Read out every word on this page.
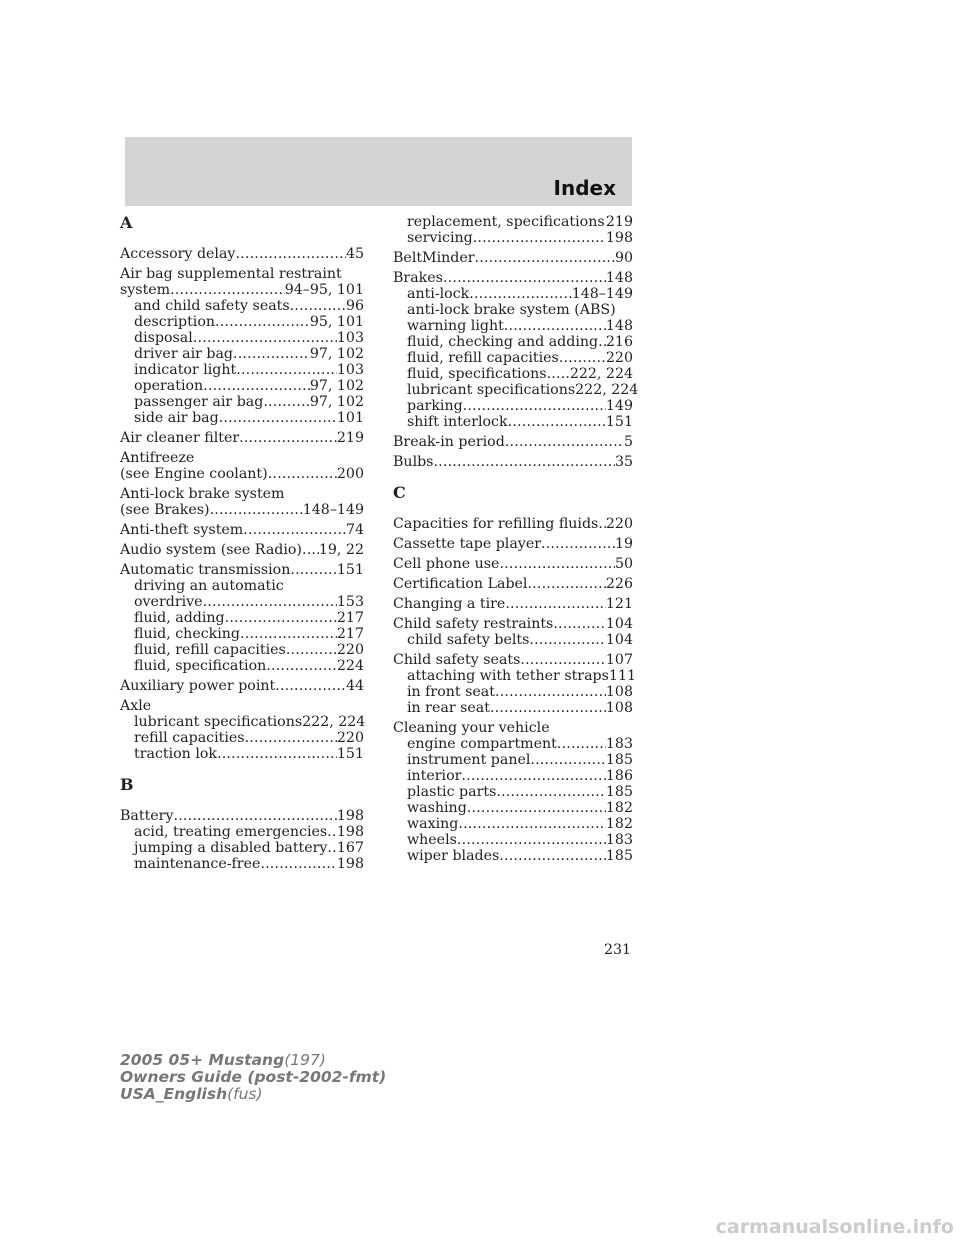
Index
A
Accessory delay .....	45
Air bag supplemental restraint
system .....	94–95, 101
and child safety seats .....	96
description .....	95, 101
disposal .....	103
driver air bag .....	97, 102
indicator light .....	103
operation .....	97, 102
passenger air bag .....	97, 102
side air bag .....	101
Air cleaner filter .....	219
Antifreeze
(see Engine coolant) .....	200
Anti-lock brake system
(see Brakes) .....	148–149
Anti-theft system .....	74
Audio system (see Radio) ..... 19, 22
Automatic transmission .....	151
driving an automatic
overdrive .....	153
fluid, adding .....	217
fluid, checking .....	217
fluid, refill capacities .....	220
fluid, specification .....	224
Auxiliary power point .....	44
Axle
lubricant specifications 222, 224
refill capacities .....	220
traction lok .....	151
B
Battery .....	198
acid, treating emergencies ..... 198
jumping a disabled battery ..... 167
maintenance-free .....	198
replacement, specifications ..... 219
servicing .....	198
BeltMinder .....	90
Brakes .....	148
anti-lock .....	148–149
anti-lock brake system (ABS)
warning light .....	148
fluid, checking and adding ..... 216
fluid, refill capacities .....	220
fluid, specifications ..... 222, 224
lubricant specifications 222, 224
parking .....	149
shift interlock .....	151
Break-in period .....	5
Bulbs .....	35
C
Capacities for refilling fluids ..... 220
Cassette tape player .....	19
Cell phone use .....	50
Certification Label .....	226
Changing a tire .....	121
Child safety restraints .....	104
child safety belts .....	104
Child safety seats .....	107
attaching with tether straps 111
in front seat .....	108
in rear seat .....	108
Cleaning your vehicle
engine compartment .....	183
instrument panel .....	185
interior .....	186
plastic parts .....	185
washing .....	182
waxing .....	182
wheels .....	183
wiper blades .....	185
231
2005 05+ Mustang(197)
Owners Guide (post-2002-fmt)
USA_English(fus)
carmanualsonline.info
